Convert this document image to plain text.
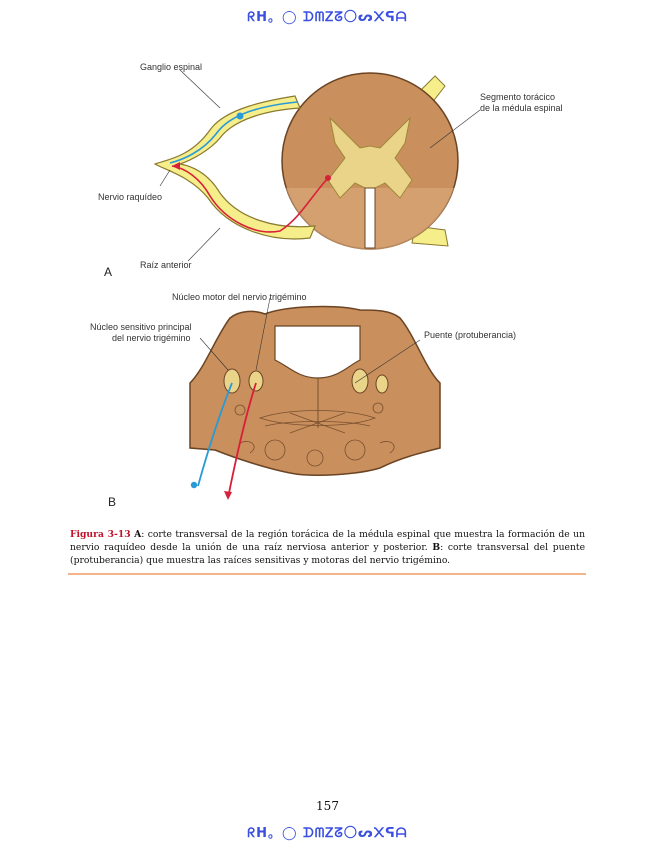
ᖇᕼ。◯ ᗪᗰᏃᘔ〇ᔕ᙭ᕋᗩ
Ganglio espinal
Segmento torácico
de la médula espinal
Nervio raquídeo
Raíz anterior
A
Núcleo motor del nervio trigémino
Núcleo sensitivo principal
del nervio trigémino	Puente (protuberancia)
B
Figura 3-13 A: corte transversal de la región torácica de la médula espinal que muestra la formación de un nervio raquídeo desde la unión de una raíz nerviosa anterior y posterior. B: corte transversal del puente (protuberancia) que muestra las raíces sensitivas y motoras del nervio trigémino.
157
ᖇᕼ。◯ ᗪᗰᏃᘔ〇ᔕ᙭ᕋᗩ
